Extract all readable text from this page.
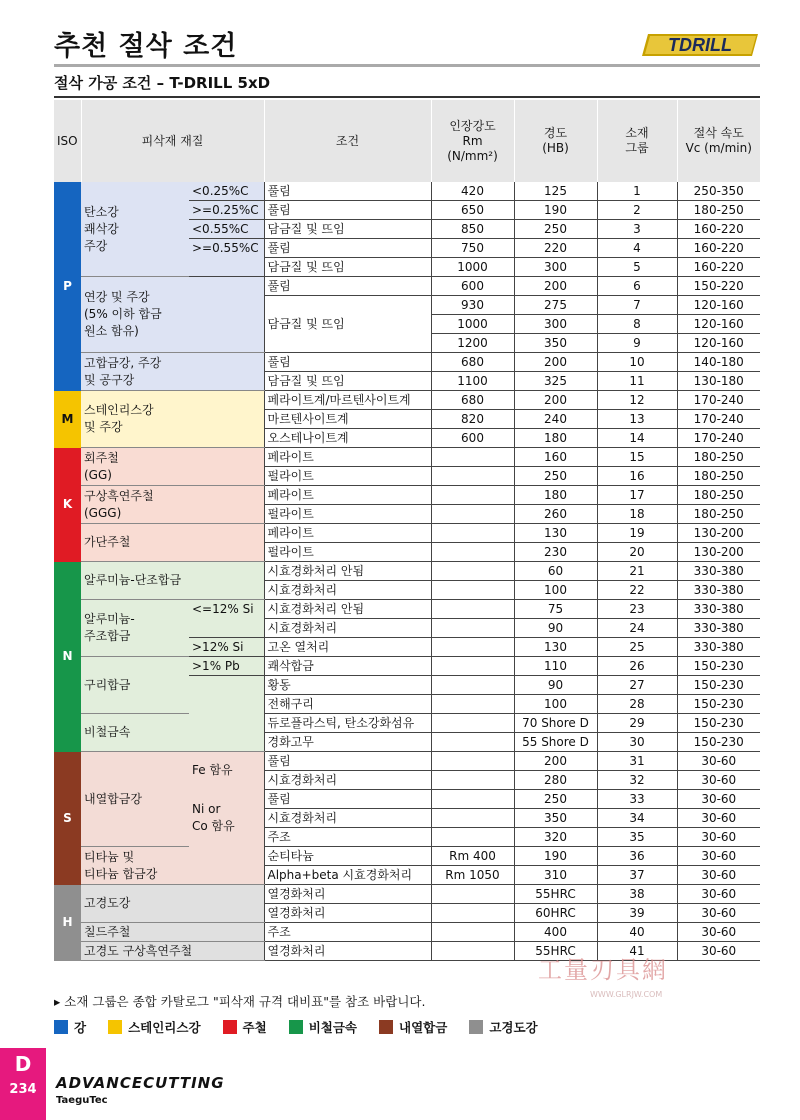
추천 절삭 조건	TDRILL
절삭 가공 조건 – T-DRILL 5xD
ISO	피삭재 재질		조건	인장강도
Rm
(N/mm²)	경도
(HB)	소재
그룹	절삭 속도
Vc (m/min)
P	탄소강
쾌삭강
주강	<0.25%C	풀림	420	125	1	250-350
		>=0.25%C	풀림	650	190	2	180-250
		<0.55%C	담금질 및 뜨임	850	250	3	160-220
		>=0.55%C	풀림	750	220	4	160-220
			담금질 및 뜨임	1000	300	5	160-220
	연강 및 주강
(5% 이하 합금
원소 함유)		풀림	600	200	6	150-220
			담금질 및 뜨임	930	275	7	120-160
				1000	300	8	120-160
				1200	350	9	120-160
	고합금강, 주강
및 공구강		풀림	680	200	10	140-180
			담금질 및 뜨임	1100	325	11	130-180
M	스테인리스강
및 주강		페라이트계/마르텐사이트계	680	200	12	170-240
			마르텐사이트계	820	240	13	170-240
			오스테나이트계	600	180	14	170-240
K	회주철
(GG)		페라이트		160	15	180-250
			펄라이트		250	16	180-250
	구상흑연주철
(GGG)		페라이트		180	17	180-250
			펄라이트		260	18	180-250
	가단주철		페라이트		130	19	130-200
			펄라이트		230	20	130-200
N	알루미늄-단조합금		시효경화처리 안됨		60	21	330-380
			시효경화처리		100	22	330-380
	알루미늄-
주조합금	<=12% Si	시효경화처리 안됨		75	23	330-380
			시효경화처리		90	24	330-380
		>12% Si	고온 열처리		130	25	330-380
	구리합금	>1% Pb	쾌삭합금		110	26	150-230
			황동		90	27	150-230
			전해구리		100	28	150-230
	비철금속		듀로플라스틱, 탄소강화섬유		70 Shore D	29	150-230
			경화고무		55 Shore D	30	150-230
S	내열합금강	Fe 함유	풀림		200	31	30-60
			시효경화처리		280	32	30-60
		Ni or
Co 함유	풀림		250	33	30-60
			시효경화처리		350	34	30-60
			주조		320	35	30-60
	티타늄 및
티타늄 합금강		순티타늄	Rm 400	190	36	30-60
			Alpha+beta 시효경화처리	Rm 1050	310	37	30-60
H	고경도강		열경화처리		55HRC	38	30-60
			열경화처리		60HRC	39	30-60
	칠드주철		주조		400	40	30-60
	고경도 구상흑연주철		열경화처리		55HRC	41	30-60
工量刃具網
WWW.GLRJW.COM
▸ 소재 그룹은 종합 카탈로그 "피삭재 규격 대비표"를 참조 바랍니다.
강	스테인리스강	주철	비철금속	내열합금	고경도강
D
234	ADVANCECUTTING
TaeguTec
